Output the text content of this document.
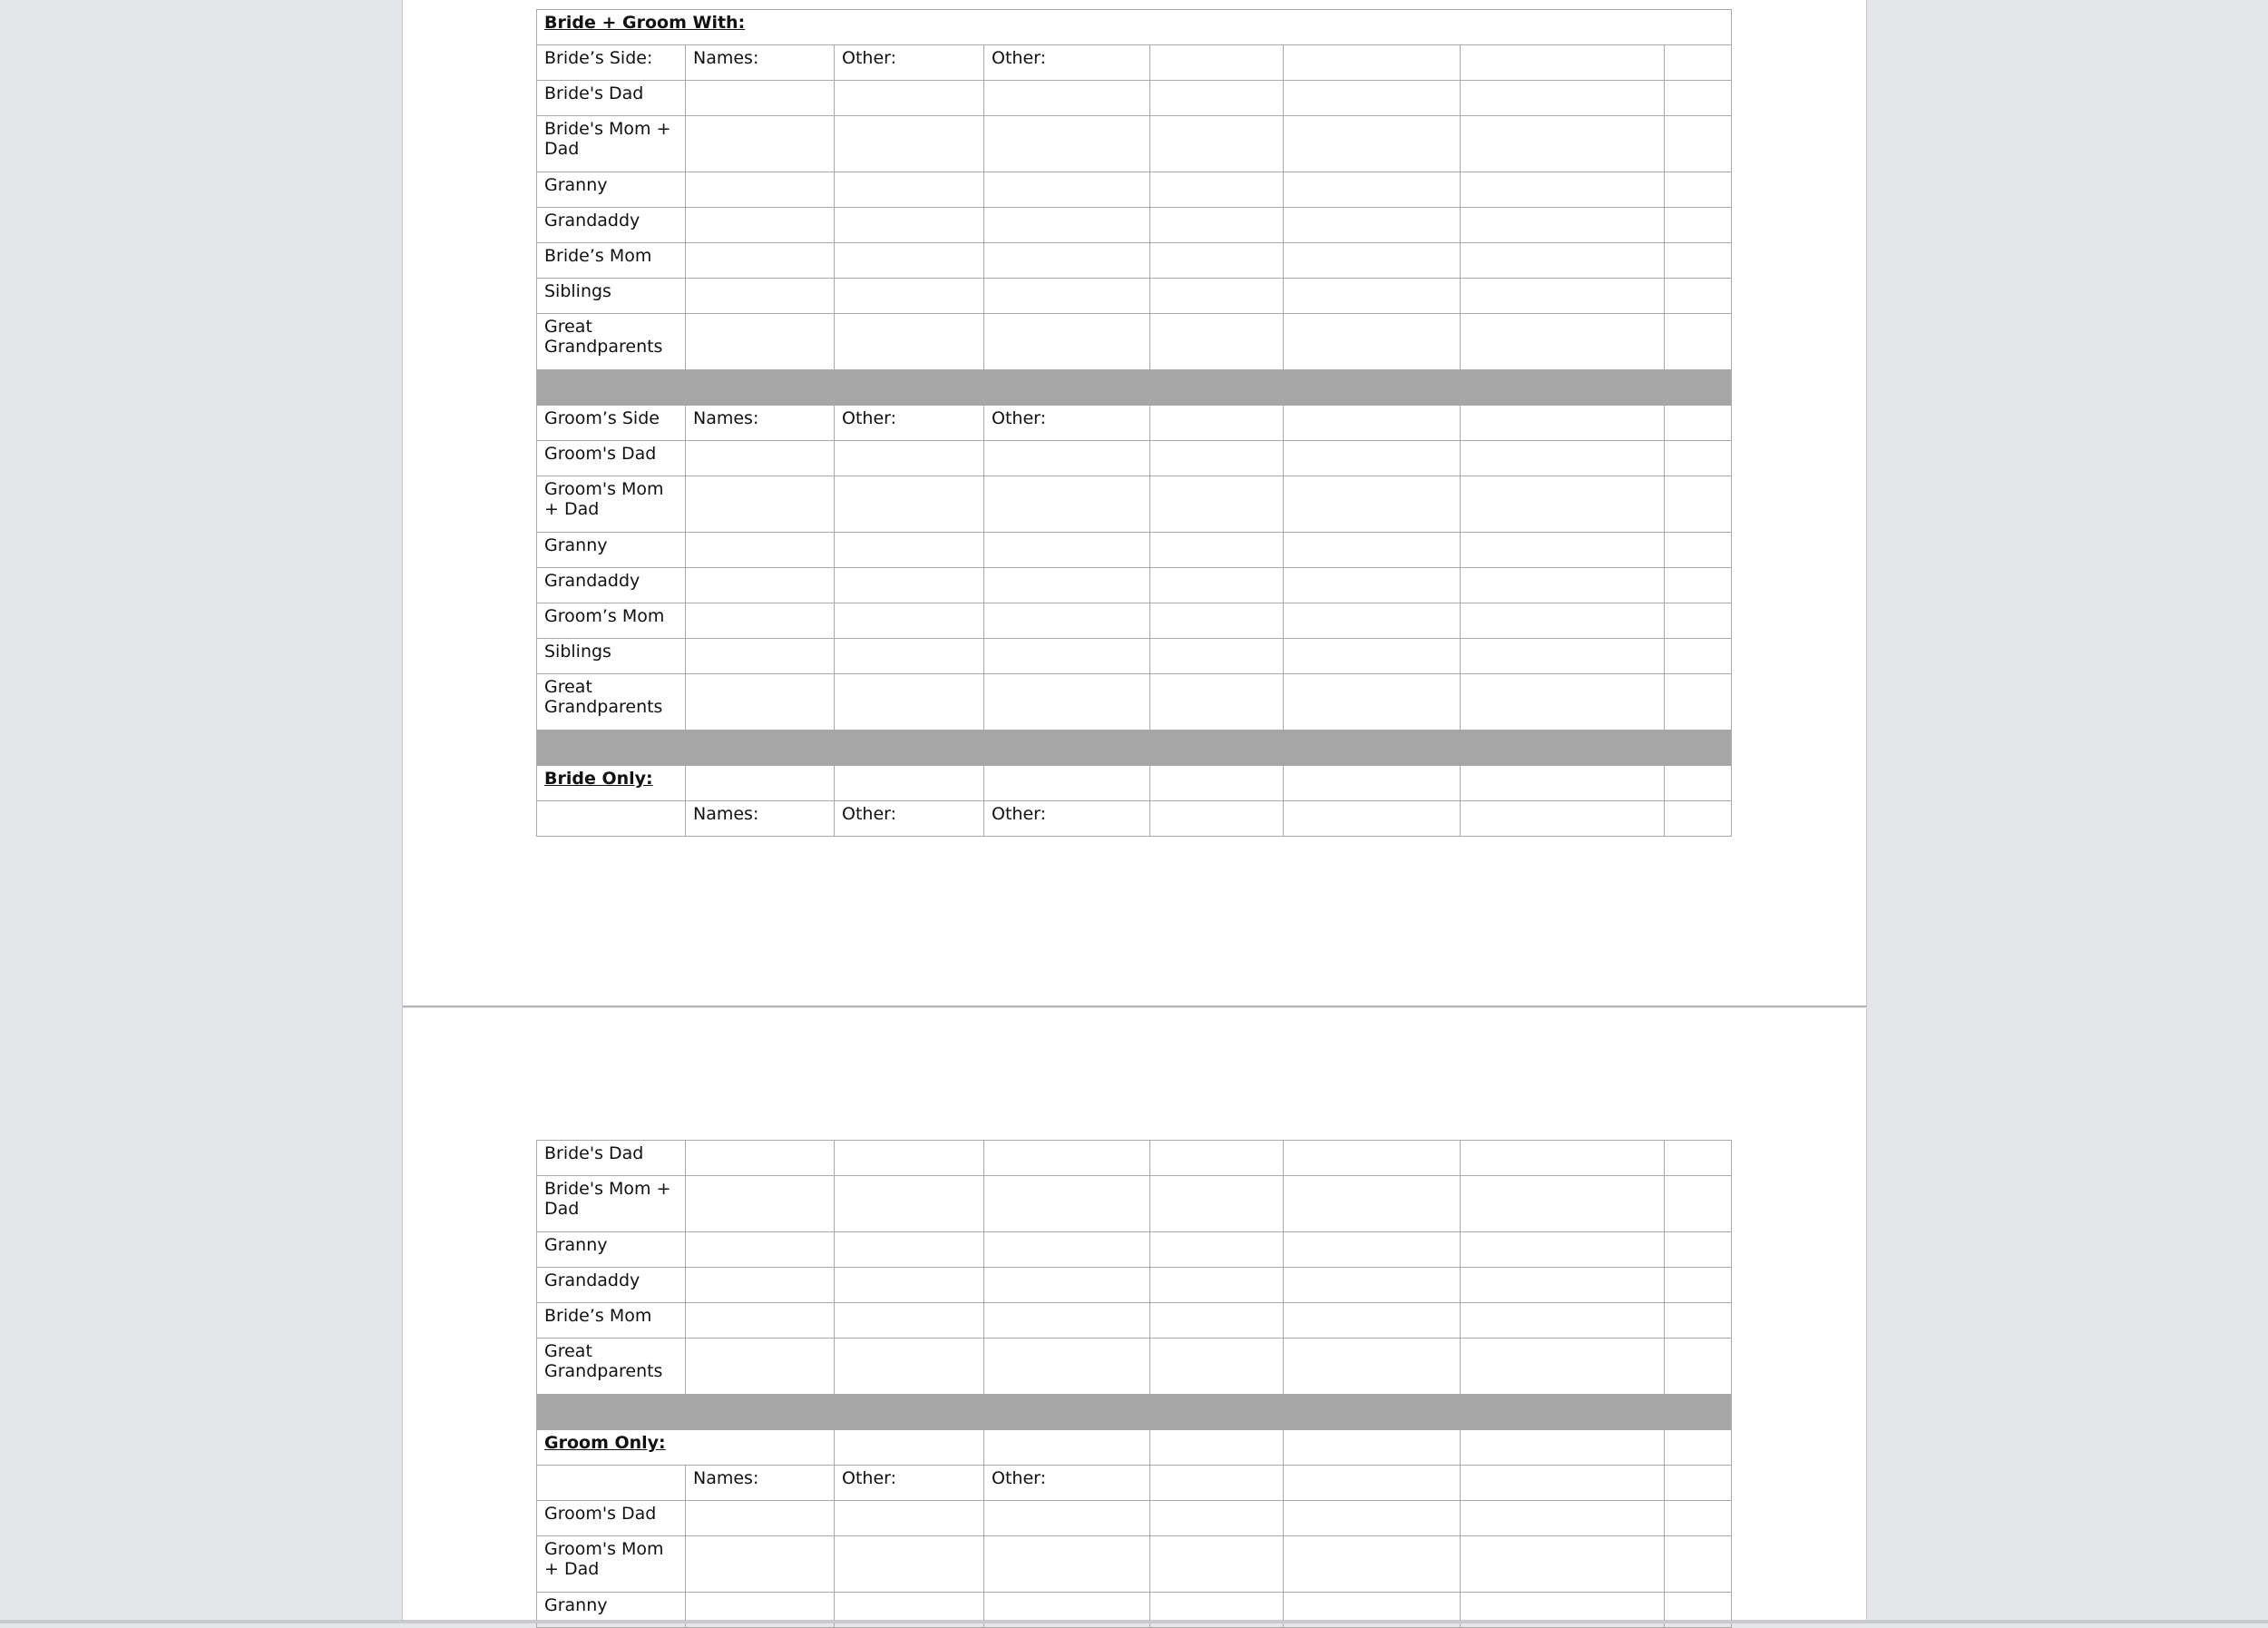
Bride + Groom With:							
Bride’s Side:	Names:	Other:	Other:				
Bride's Dad							
Bride's Mom + Dad							
Granny							
Grandaddy							
Bride’s Mom							
Siblings							
Great Grandparents							

Groom’s Side	Names:	Other:	Other:				
Groom's Dad							
Groom's Mom + Dad							
Granny							
Grandaddy							
Groom’s Mom							
Siblings							
Great Grandparents							

Bride Only:							
	Names:	Other:	Other:				
Bride's Dad							
Bride's Mom + Dad							
Granny							
Grandaddy							
Bride’s Mom							
Great Grandparents							

Groom Only:							
	Names:	Other:	Other:				
Groom's Dad							
Groom's Mom + Dad							
Granny							
